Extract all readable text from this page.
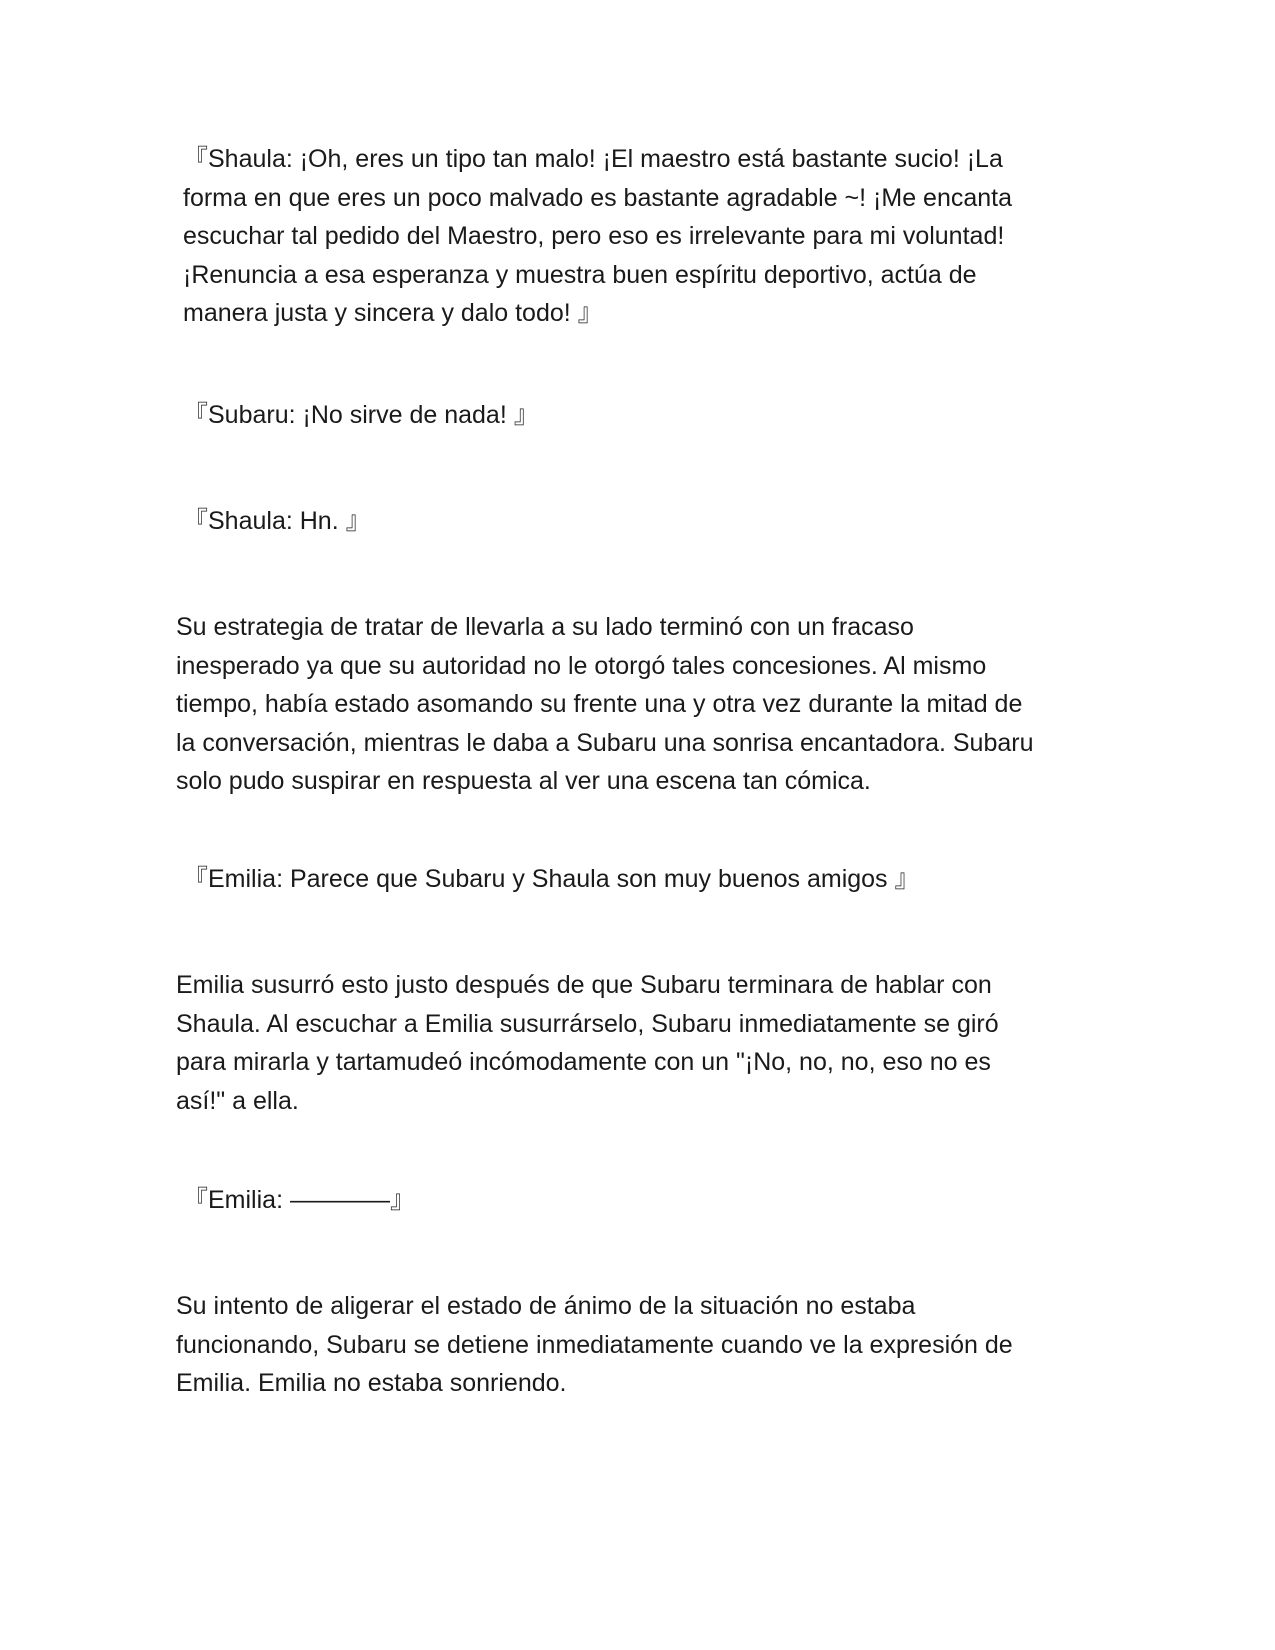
『Shaula: ¡Oh, eres un tipo tan malo! ¡El maestro está bastante sucio! ¡La
forma en que eres un poco malvado es bastante agradable ~! ¡Me encanta
escuchar tal pedido del Maestro, pero eso es irrelevante para mi voluntad!
¡Renuncia a esa esperanza y muestra buen espíritu deportivo, actúa de
manera justa y sincera y dalo todo! 』

『Subaru: ¡No sirve de nada! 』

『Shaula: Hn. 』

Su estrategia de tratar de llevarla a su lado terminó con un fracaso
inesperado ya que su autoridad no le otorgó tales concesiones. Al mismo
tiempo, había estado asomando su frente una y otra vez durante la mitad de
la conversación, mientras le daba a Subaru una sonrisa encantadora. Subaru
solo pudo suspirar en respuesta al ver una escena tan cómica.

『Emilia: Parece que Subaru y Shaula son muy buenos amigos 』

Emilia susurró esto justo después de que Subaru terminara de hablar con
Shaula. Al escuchar a Emilia susurrárselo, Subaru inmediatamente se giró
para mirarla y tartamudeó incómodamente con un "¡No, no, no, eso no es
así!" a ella.

『Emilia: ————』

Su intento de aligerar el estado de ánimo de la situación no estaba
funcionando, Subaru se detiene inmediatamente cuando ve la expresión de
Emilia. Emilia no estaba sonriendo.
